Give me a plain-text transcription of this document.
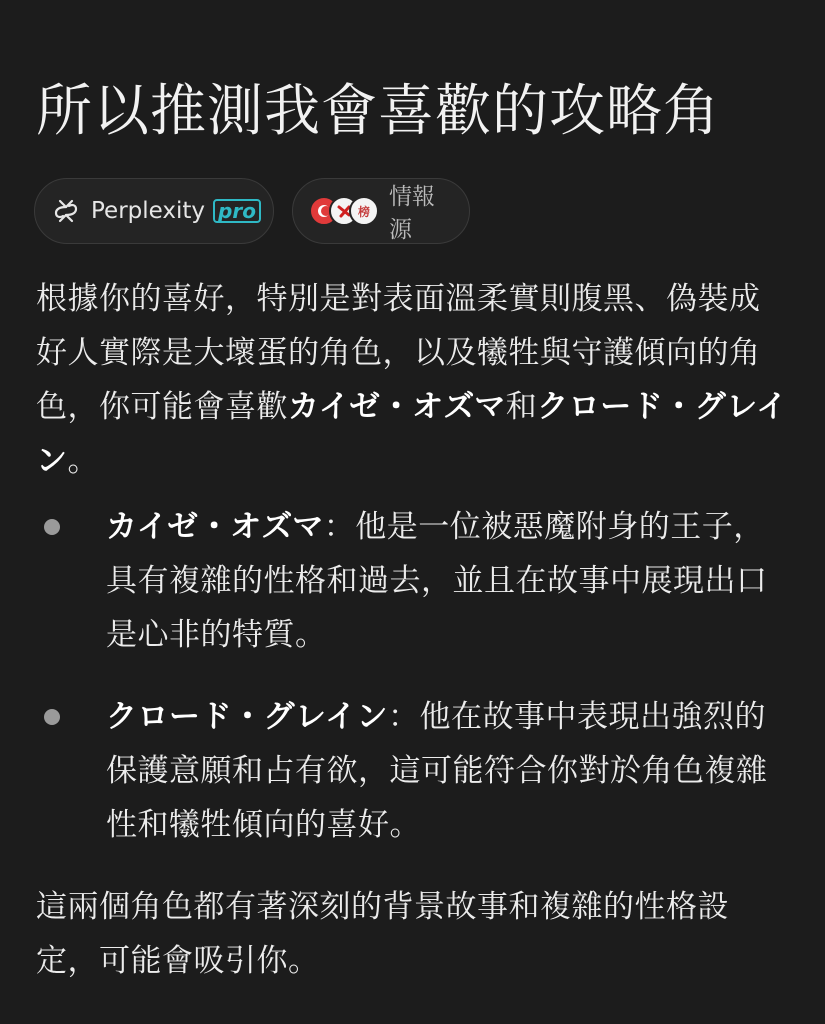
所以推測我會喜歡的攻略角
Perplexity pro	榜
情報源

根據你的喜好，特別是對表面溫柔實則腹黑、偽裝成好人實際是大壞蛋的角色，以及犧牲與守護傾向的角色，你可能會喜歡カイゼ・オズマ和クロード・グレイン。

カイゼ・オズマ：他是一位被惡魔附身的王子，具有複雜的性格和過去，並且在故事中展現出口是心非的特質。
クロード・グレイン：他在故事中表現出強烈的保護意願和占有欲，這可能符合你對於角色複雜性和犧牲傾向的喜好。

這兩個角色都有著深刻的背景故事和複雜的性格設定，可能會吸引你。
